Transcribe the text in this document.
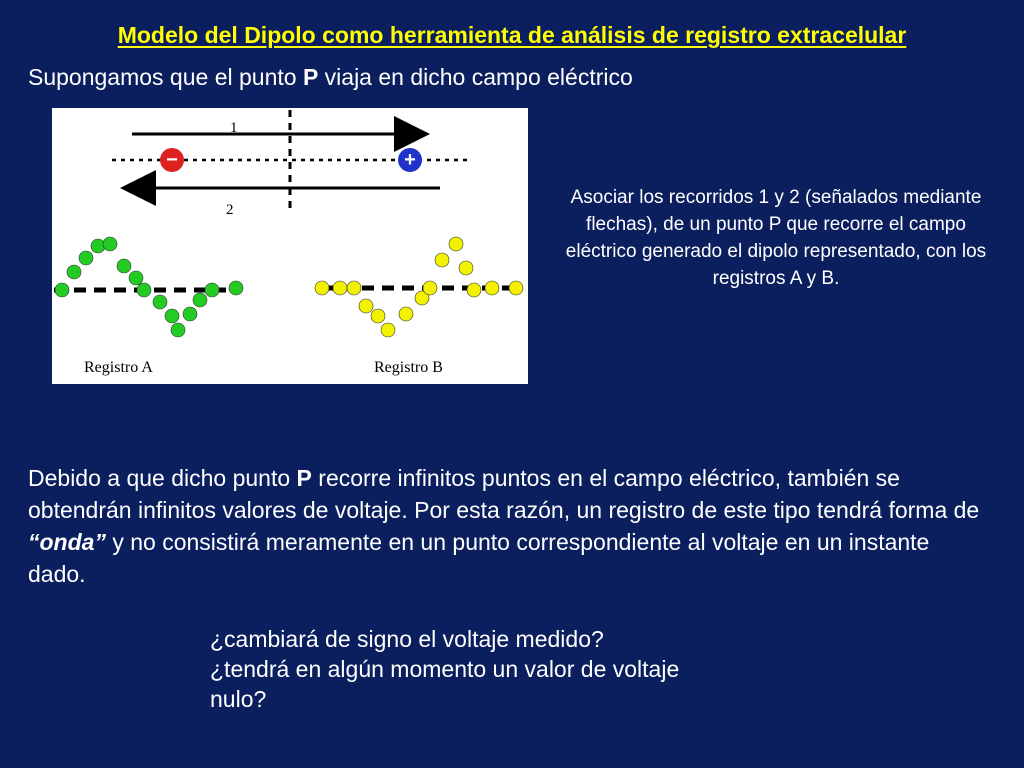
Modelo del Dipolo como herramienta de análisis de registro extracelular
Supongamos que el punto P viaja en dicho campo eléctrico
1
−	+
2
Registro A	Registro B
Asociar los recorridos 1 y 2 (señalados mediante flechas), de un punto P que recorre el campo eléctrico generado el dipolo representado, con los registros A y B.
Debido a que dicho punto P recorre infinitos puntos en el campo eléctrico, también se obtendrán infinitos valores de voltaje. Por esta razón, un registro de este tipo tendrá forma de “onda” y no consistirá meramente en un punto correspondiente al voltaje en un instante dado.
¿cambiará de signo el voltaje medido?
¿tendrá en algún momento un valor de voltaje nulo?
